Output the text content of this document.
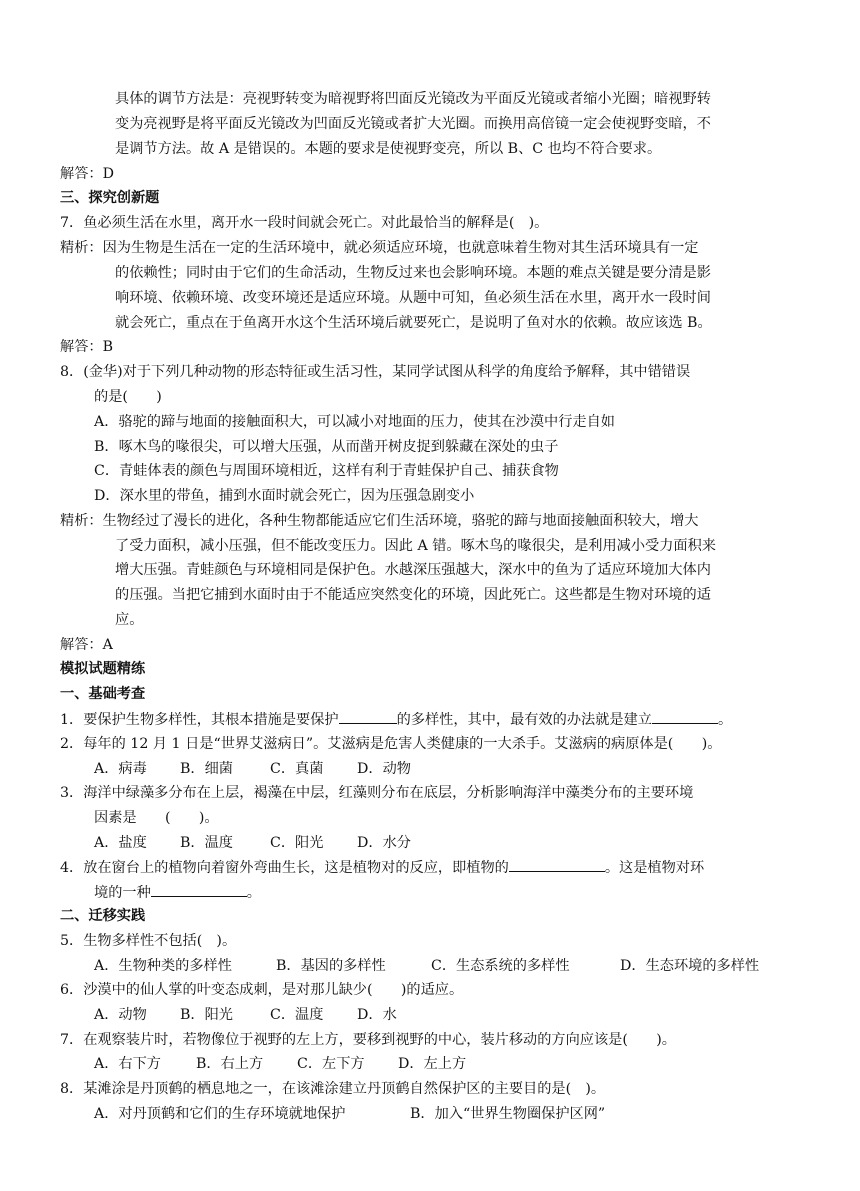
具体的调节方法是：亮视野转变为暗视野将凹面反光镜改为平面反光镜或者缩小光圈；暗视野转
变为亮视野是将平面反光镜改为凹面反光镜或者扩大光圈。而换用高倍镜一定会使视野变暗，不
是调节方法。故 A 是错误的。本题的要求是使视野变亮，所以 B、C 也均不符合要求。
解答：D
三、探究创新题
7．鱼必须生活在水里，离开水一段时间就会死亡。对此最恰当的解释是(　)。
精析：因为生物是生活在一定的生活环境中，就必须适应环境，也就意味着生物对其生活环境具有一定
的依赖性；同时由于它们的生命活动，生物反过来也会影响环境。本题的难点关键是要分清是影
响环境、依赖环境、改变环境还是适应环境。从题中可知，鱼必须生活在水里，离开水一段时间
就会死亡，重点在于鱼离开水这个生活环境后就要死亡，是说明了鱼对水的依赖。故应该选 B。
解答：B
8．(金华)对于下列几种动物的形态特征或生活习性，某同学试图从科学的角度给予解释，其中错错误
的是(　　)
A．骆驼的蹄与地面的接触面积大，可以减小对地面的压力，使其在沙漠中行走自如
B．啄木鸟的喙很尖，可以增大压强，从而凿开树皮捉到躲藏在深处的虫子
C．青蛙体表的颜色与周围环境相近，这样有利于青蛙保护自己、捕获食物
D．深水里的带鱼，捕到水面时就会死亡，因为压强急剧变小
精析：生物经过了漫长的进化，各种生物都能适应它们生活环境，骆驼的蹄与地面接触面积较大，增大
了受力面积，减小压强，但不能改变压力。因此 A 错。啄木鸟的喙很尖，是利用减小受力面积来
增大压强。青蛙颜色与环境相同是保护色。水越深压强越大，深水中的鱼为了适应环境加大体内
的压强。当把它捕到水面时由于不能适应突然变化的环境，因此死亡。这些都是生物对环境的适
应。
解答：A
模拟试题精练
一、基础考查
1．要保护生物多样性，其根本措施是要保护	的多样性，其中，最有效的办法就是建立	。
2．每年的 12 月 1 日是“世界艾滋病日”。艾滋病是危害人类健康的一大杀手。艾滋病的病原体是(　　)。
A．病毒 B．细菌	C．真菌 D．动物
3．海洋中绿藻多分布在上层，褐藻在中层，红藻则分布在底层，分析影响海洋中藻类分布的主要环境
因素是　　(　　)。
A．盐度 B．温度	C．阳光 D．水分
4．放在窗台上的植物向着窗外弯曲生长，这是植物对的反应，即植物的	。这是植物对环
境的一种	。
二、迁移实践
5．生物多样性不包括(　)。
A．生物种类的多样性	B．基因的多样性	C．生态系统的多样性	D．生态环境的多样性
6．沙漠中的仙人掌的叶变态成刺，是对那儿缺少(　　)的适应。
A．动物 B．阳光	C．温度 D．水
7．在观察装片时，若物像位于视野的左上方，要移到视野的中心，装片移动的方向应该是(　　)。
A．右下方 B．右上方 C．左下方 D．左上方
8．某滩涂是丹顶鹤的栖息地之一，在该滩涂建立丹顶鹤自然保护区的主要目的是(　)。
A．对丹顶鹤和它们的生存环境就地保护	B．加入“世界生物圈保护区网”
